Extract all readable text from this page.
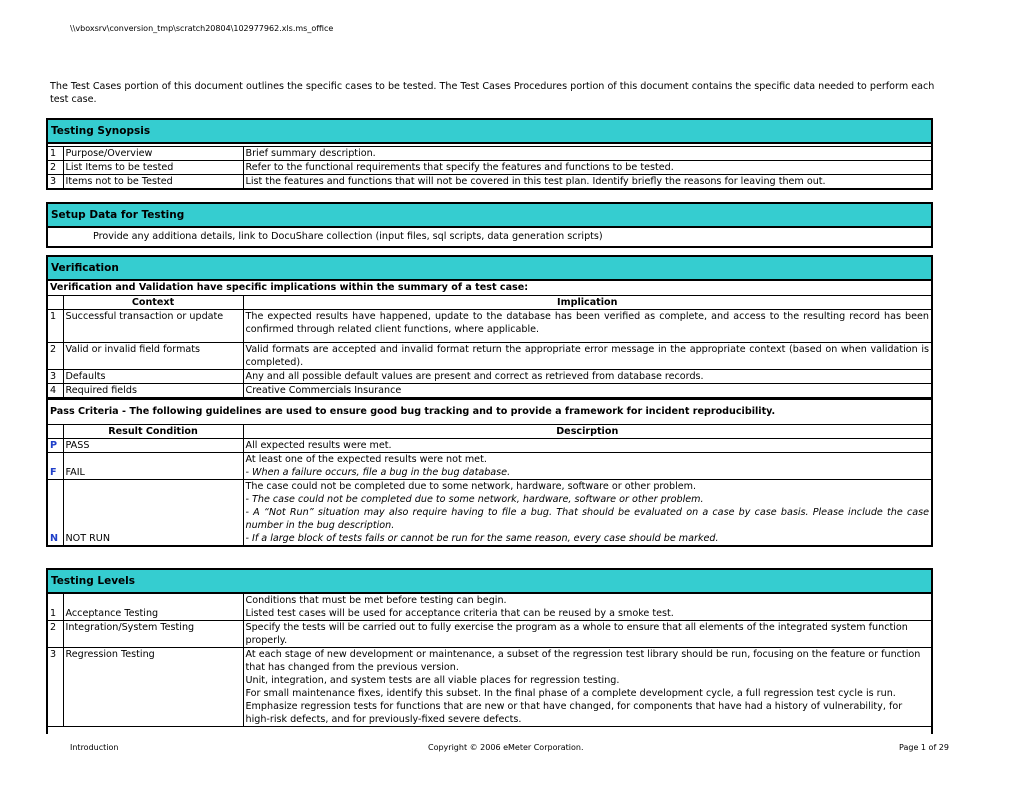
\\vboxsrv\conversion_tmp\scratch20804\102977962.xls.ms_office
The Test Cases portion of this document outlines the specific cases to be tested. The Test Cases Procedures portion of this document contains the specific data needed to perform each test case.
Testing Synopsis
1	Purpose/Overview	Brief summary description.
2	List Items to be tested	Refer to the functional requirements that specify the features and functions to be tested.
3	Items not to be Tested	List the features and functions that will not be covered in this test plan. Identify briefly the reasons for leaving them out.
Setup Data for Testing
Provide any additiona details, link to DocuShare collection (input files, sql scripts, data generation scripts)
Verification
Verification and Validation have specific implications within the summary of a test case:
	Context	Implication
1	Successful transaction or update	The expected results have happened, update to the database has been verified as complete, and access to the resulting record has been confirmed through related client functions, where applicable.
2	Valid or invalid field formats	Valid formats are accepted and invalid format return the appropriate error message in the appropriate context (based on when validation is completed).
3	Defaults	Any and all possible default values are present and correct as retrieved from database records.
4	Required fields	Creative Commercials Insurance
Pass Criteria - The following guidelines are used to ensure good bug tracking and to provide a framework for incident reproducibility.
	Result Condition	Descirption
P	PASS	All expected results were met.
F	FAIL	At least one of the expected results were not met.
- When a failure occurs, file a bug in the bug database.

N	NOT RUN	The case could not be completed due to some network, hardware, software or other problem.
- The case could not be completed due to some network, hardware, software or other problem.
- A “Not Run” situation may also require having to file a bug. That should be evaluated on a case by case basis. Please include the case number in the bug description.
- If a large block of tests fails or cannot be run for the same reason, every case should be marked.
Testing Levels
1	Acceptance Testing	Conditions that must be met before testing can begin.
Listed test cases will be used for acceptance criteria that can be reused by a smoke test.

2	Integration/System Testing	Specify the tests will be carried out to fully exercise the program as a whole to ensure that all elements of the integrated system function properly.
3	Regression Testing	At each stage of new development or maintenance, a subset of the regression test library should be run, focusing on the feature or function that has changed from the previous version.
Unit, integration, and system tests are all viable places for regression testing.
For small maintenance fixes, identify this subset. In the final phase of a complete development cycle, a full regression test cycle is run.
Emphasize regression tests for functions that are new or that have changed, for components that have had a history of vulnerability, for high-risk defects, and for previously-fixed severe defects.
Introduction	Copyright © 2006 eMeter Corporation.	Page 1 of 29
